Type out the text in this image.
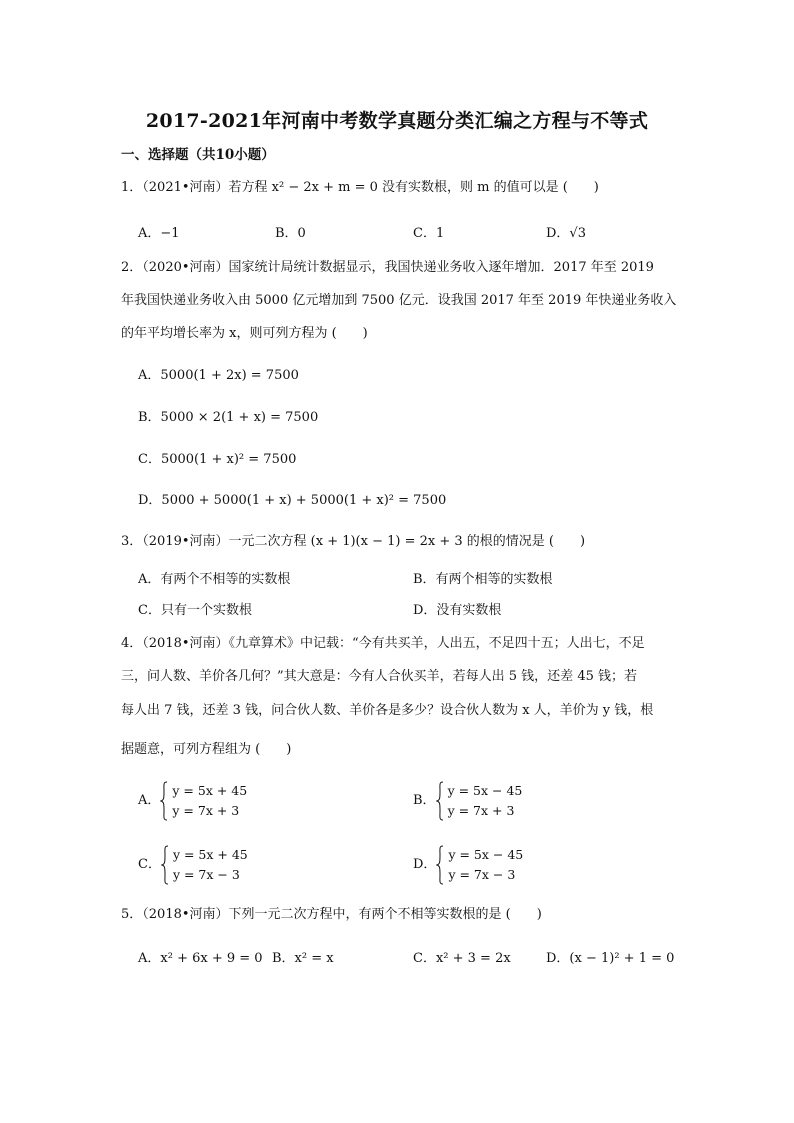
2017-2021年河南中考数学真题分类汇编之方程与不等式
一、选择题（共10小题）
1．（2021•河南）若方程 x² − 2x + m = 0 没有实数根，则 m 的值可以是 (　　)
A．−1	B．0	C．1	D．√3
2．（2020•河南）国家统计局统计数据显示，我国快递业务收入逐年增加．2017 年至 2019
年我国快递业务收入由 5000 亿元增加到 7500 亿元．设我国 2017 年至 2019 年快递业务收入
的年平均增长率为 x，则可列方程为 (　　)
A．5000(1 + 2x) = 7500
B．5000 × 2(1 + x) = 7500
C．5000(1 + x)² = 7500
D．5000 + 5000(1 + x) + 5000(1 + x)² = 7500
3．（2019•河南）一元二次方程 (x + 1)(x − 1) = 2x + 3 的根的情况是 (　　)
A．有两个不相等的实数根	B．有两个相等的实数根
C．只有一个实数根	D．没有实数根
4．（2018•河南）《九章算术》中记载：“今有共买羊，人出五，不足四十五；人出七，不足
三，问人数、羊价各几何？”其大意是：今有人合伙买羊，若每人出 5 钱，还差 45 钱；若
每人出 7 钱，还差 3 钱，问合伙人数、羊价各是多少？设合伙人数为 x 人，羊价为 y 钱，根
据题意，可列方程组为 (　　)
A．
y = 5x + 45
y = 7x + 3
B．
y = 5x − 45
y = 7x + 3
C．
y = 5x + 45
y = 7x − 3
D．
y = 5x − 45
y = 7x − 3
5．（2018•河南）下列一元二次方程中，有两个不相等实数根的是 (　　)
A．x² + 6x + 9 = 0 B．x² = x	C．x² + 3 = 2x	D．(x − 1)² + 1 = 0
